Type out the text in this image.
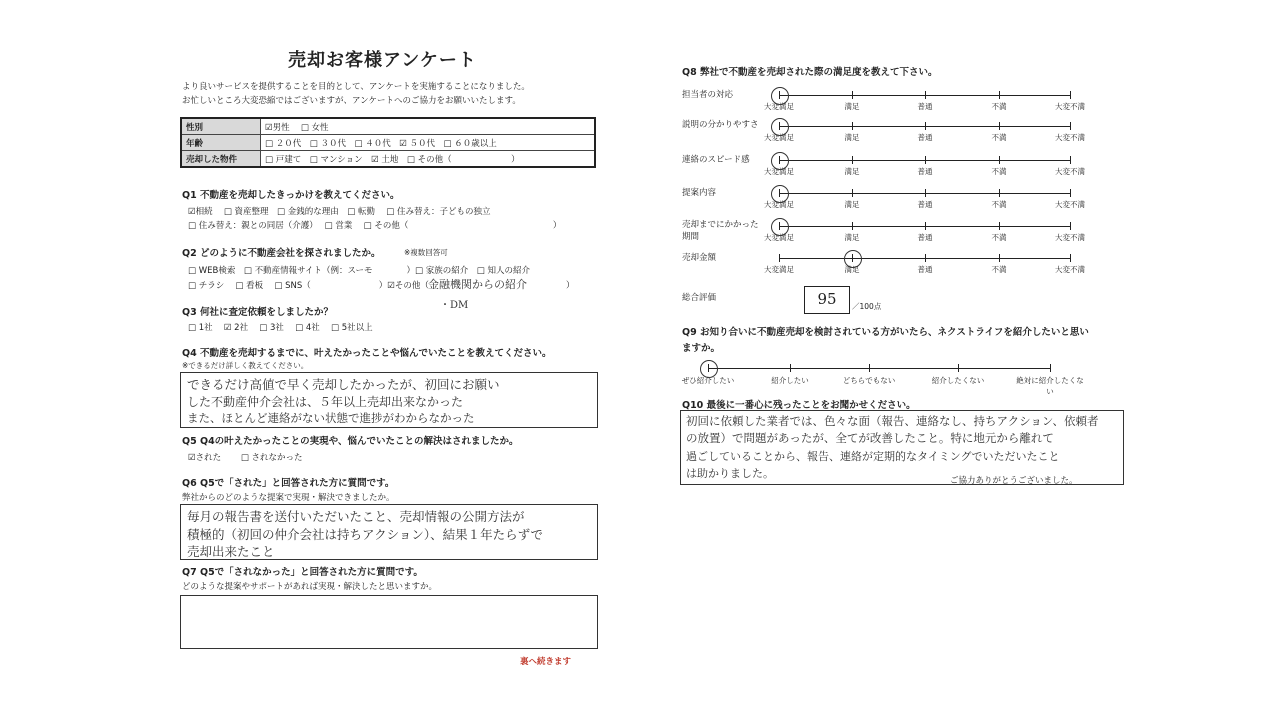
売却お客様アンケート
より良いサービスを提供することを目的として、アンケートを実施することになりました。
お忙しいところ大変恐縮ではございますが、アンケートへのご協力をお願いいたします。
性別	☑男性　 □ 女性
年齢	□ ２０代　□ ３０代　□ ４０代　☑ ５０代　□ ６０歳以上
売却した物件	□ 戸建て　□ マンション　☑ 土地　□ その他（　　　　　　　）
Q1 不動産を売却したきっかけを教えてください。
☑相続　 □ 資産整理　□ 金銭的な理由　□ 転勤　 □ 住み替え：子どもの独立
□ 住み替え：親との同居（介護）　 □ 営業　 □ その他（　　　　　　　　　　　　　　　　　）
Q2 どのように不動産会社を探されましたか。	※複数回答可
□ WEB検索　□ 不動産情報サイト（例：スーモ　　　　）□ 家族の紹介　□ 知人の紹介
□ チラシ　 □ 看板　 □ SNS（　　　　　　　　）☑その他（ 金融機関からの紹介	）
・DM
Q3 何社に査定依頼をしましたか？
□ 1社　 ☑ 2社　 □ 3社　 □ 4社　 □ 5社以上
Q4 不動産を売却するまでに、叶えたかったことや悩んでいたことを教えてください。
※できるだけ詳しく教えてください。
できるだけ高値で早く売却したかったが、初回にお願い
した不動産仲介会社は、５年以上売却出来なかった
また、ほとんど連絡がない状態で進捗がわからなかった
Q5 Q4の叶えたかったことの実現や、悩んでいたことの解決はされましたか。
☑された　　 □ されなかった
Q6 Q5で「された」と回答された方に質問です。
弊社からのどのような提案で実現・解決できましたか。
毎月の報告書を送付いただいたこと、売却情報の公開方法が
積極的（初回の仲介会社は持ちアクション）、結果１年たらずで
売却出来たこと
Q7 Q5で「されなかった」と回答された方に質問です。
どのような提案やサポートがあれば実現・解決したと思いますか。
裏へ続きます
Q8 弊社で不動産を売却された際の満足度を教えて下さい。
担当者の対応
大変満足	満足	普通	不満	大変不満
説明の分かりやすさ
大変満足	満足	普通	不満	大変不満
連絡のスピード感
大変満足	満足	普通	不満	大変不満
提案内容
大変満足	満足	普通	不満	大変不満
売却までにかかった期間	大変満足	満足	普通	不満	大変不満
売却金額
大変満足	満足	普通	不満	大変不満
総合評価	95	／100点
Q9 お知り合いに不動産売却を検討されている方がいたら、ネクストライフを紹介したいと思い
ますか。
ぜひ紹介したい	紹介したい	どちらでもない	紹介したくない	絶対に紹介したくない
Q10 最後に一番心に残ったことをお聞かせください。
初回に依頼した業者では、色々な面（報告、連絡なし、持ちアクション、依頼者
の放置）で問題があったが、全てが改善したこと。特に地元から離れて
過ごしていることから、報告、連絡が定期的なタイミングでいただいたこと
は助かりました。
ご協力ありがとうございました。
